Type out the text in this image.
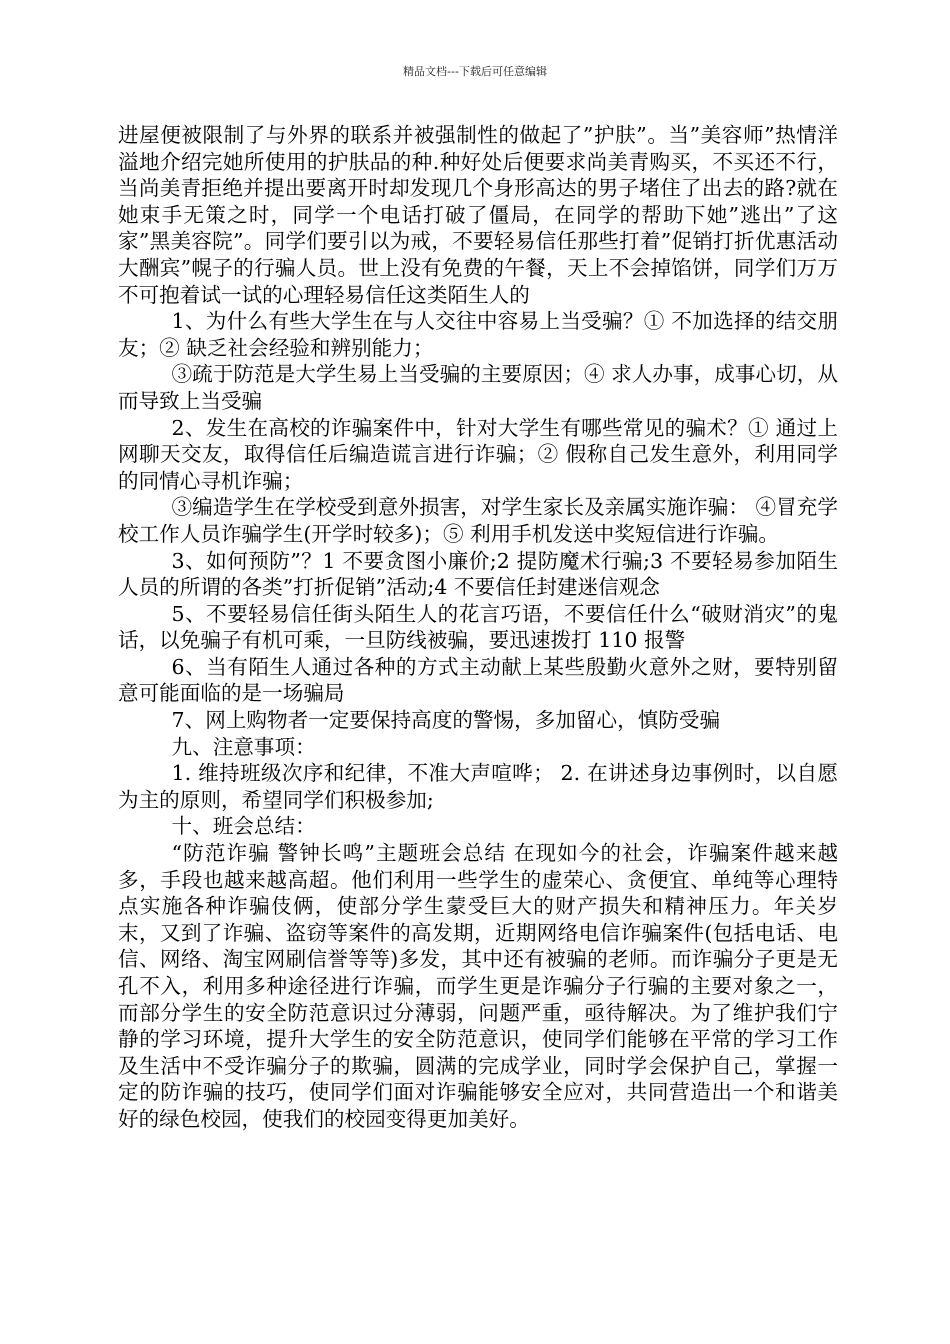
精品文档---下载后可任意编辑

进屋便被限制了与外界的联系并被强制性的做起了”护肤”。当”美容师”热情洋溢地介绍完她所使用的护肤品的种.种好处后便要求尚美青购买，不买还不行，当尚美青拒绝并提出要离开时却发现几个身形高达的男子堵住了出去的路?就在她束手无策之时，同学一个电话打破了僵局，在同学的帮助下她”逃出”了这家”黑美容院”。同学们要引以为戒，不要轻易信任那些打着”促销打折优惠活动大酬宾”幌子的行骗人员。世上没有免费的午餐，天上不会掉馅饼，同学们万万不可抱着试一试的心理轻易信任这类陌生人的

1、为什么有些大学生在与人交往中容易上当受骗？① 不加选择的结交朋友；② 缺乏社会经验和辨别能力；

③疏于防范是大学生易上当受骗的主要原因；④ 求人办事，成事心切，从而导致上当受骗

2、发生在高校的诈骗案件中，针对大学生有哪些常见的骗术？① 通过上网聊天交友，取得信任后编造谎言进行诈骗；② 假称自己发生意外，利用同学的同情心寻机诈骗；

③编造学生在学校受到意外损害，对学生家长及亲属实施诈骗： ④冒充学校工作人员诈骗学生(开学时较多)；⑤ 利用手机发送中奖短信进行诈骗。

3、如何预防”？1 不要贪图小廉价;2 提防魔术行骗;3 不要轻易参加陌生人员的所谓的各类”打折促销”活动;4 不要信任封建迷信观念

5、不要轻易信任街头陌生人的花言巧语，不要信任什么“破财消灾”的鬼话，以免骗子有机可乘，一旦防线被骗，要迅速拨打 110 报警

6、当有陌生人通过各种的方式主动献上某些殷勤火意外之财，要特别留意可能面临的是一场骗局

7、网上购物者一定要保持高度的警惕，多加留心，慎防受骗

九、注意事项：

1. 维持班级次序和纪律，不准大声喧哗； 2. 在讲述身边事例时，以自愿为主的原则，希望同学们积极参加;

十、班会总结：

“防范诈骗 警钟长鸣”主题班会总结 在现如今的社会，诈骗案件越来越多，手段也越来越高超。他们利用一些学生的虚荣心、贪便宜、单纯等心理特点实施各种诈骗伎俩，使部分学生蒙受巨大的财产损失和精神压力。年关岁末，又到了诈骗、盗窃等案件的高发期，近期网络电信诈骗案件(包括电话、电信、网络、淘宝网刷信誉等等)多发，其中还有被骗的老师。而诈骗分子更是无孔不入，利用多种途径进行诈骗，而学生更是诈骗分子行骗的主要对象之一，而部分学生的安全防范意识过分薄弱，问题严重，亟待解决。为了维护我们宁静的学习环境，提升大学生的安全防范意识，使同学们能够在平常的学习工作及生活中不受诈骗分子的欺骗，圆满的完成学业，同时学会保护自己，掌握一定的防诈骗的技巧，使同学们面对诈骗能够安全应对，共同营造出一个和谐美好的绿色校园，使我们的校园变得更加美好。
